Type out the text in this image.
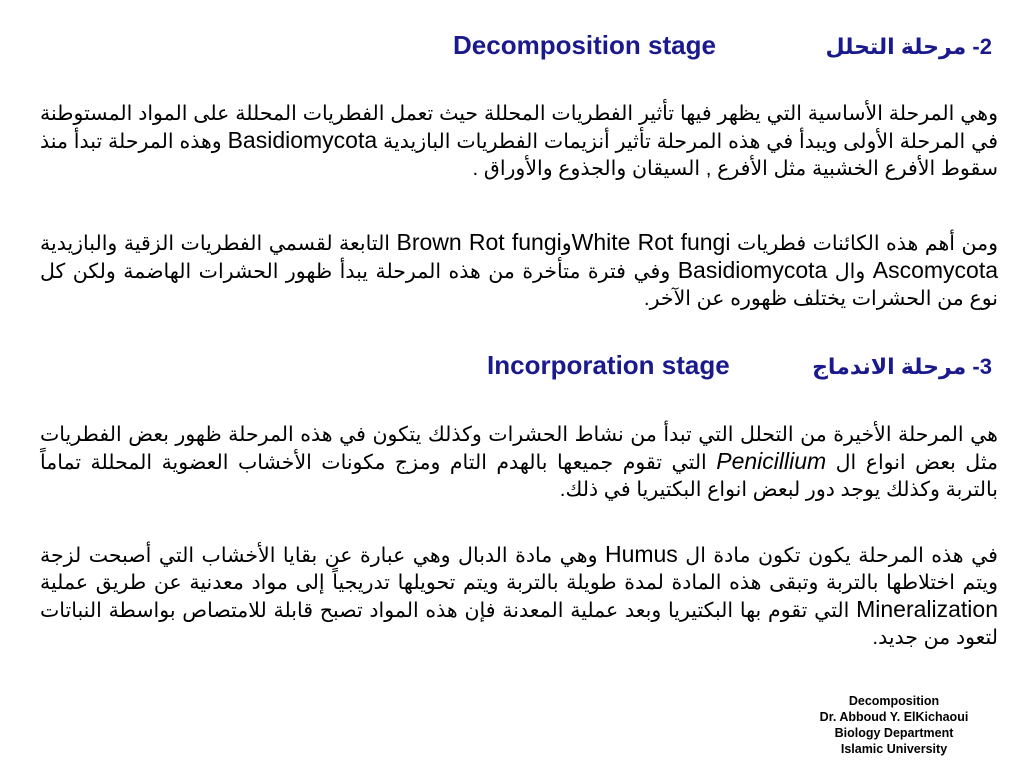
Decomposition stage	2- مرحلة التحلل

وهي المرحلة الأساسية التي يظهر فيها تأثير الفطريات المحللة حيث تعمل الفطريات المحللة على المواد المستوطنة في المرحلة الأولى ويبدأ في هذه المرحلة تأثير أنزيمات الفطريات البازيدية Basidiomycota وهذه المرحلة تبدأ منذ سقوط الأفرع الخشبية مثل الأفرع , السيقان والجذوع والأوراق .

ومن أهم هذه الكائنات فطريات White Rot fungiوBrown Rot fungi التابعة لقسمي الفطريات الزقية والبازيدية Ascomycota وال Basidiomycota وفي فترة متأخرة من هذه المرحلة يبدأ ظهور الحشرات الهاضمة ولكن كل نوع من الحشرات يختلف ظهوره عن الآخر.

Incorporation stage	3- مرحلة الاندماج

هي المرحلة الأخيرة من التحلل التي تبدأ من نشاط الحشرات وكذلك يتكون في هذه المرحلة ظهور بعض الفطريات مثل بعض انواع ال Penicillium التي تقوم جميعها بالهدم التام ومزج مكونات الأخشاب العضوية المحللة تماماً بالتربة وكذلك يوجد دور لبعض انواع البكتيريا في ذلك.

في هذه المرحلة يكون تكون مادة ال Humus وهي مادة الدبال وهي عبارة عن بقايا الأخشاب التي أصبحت لزجة ويتم اختلاطها بالتربة وتبقى هذه المادة لمدة طويلة بالتربة ويتم تحويلها تدريجياً إلى مواد معدنية عن طريق عملية Mineralization التي تقوم بها البكتيريا وبعد عملية المعدنة فإن هذه المواد تصبح قابلة للامتصاص بواسطة النباتات لتعود من جديد.

Decomposition
Dr. Abboud Y. ElKichaoui
Biology Department
Islamic University
